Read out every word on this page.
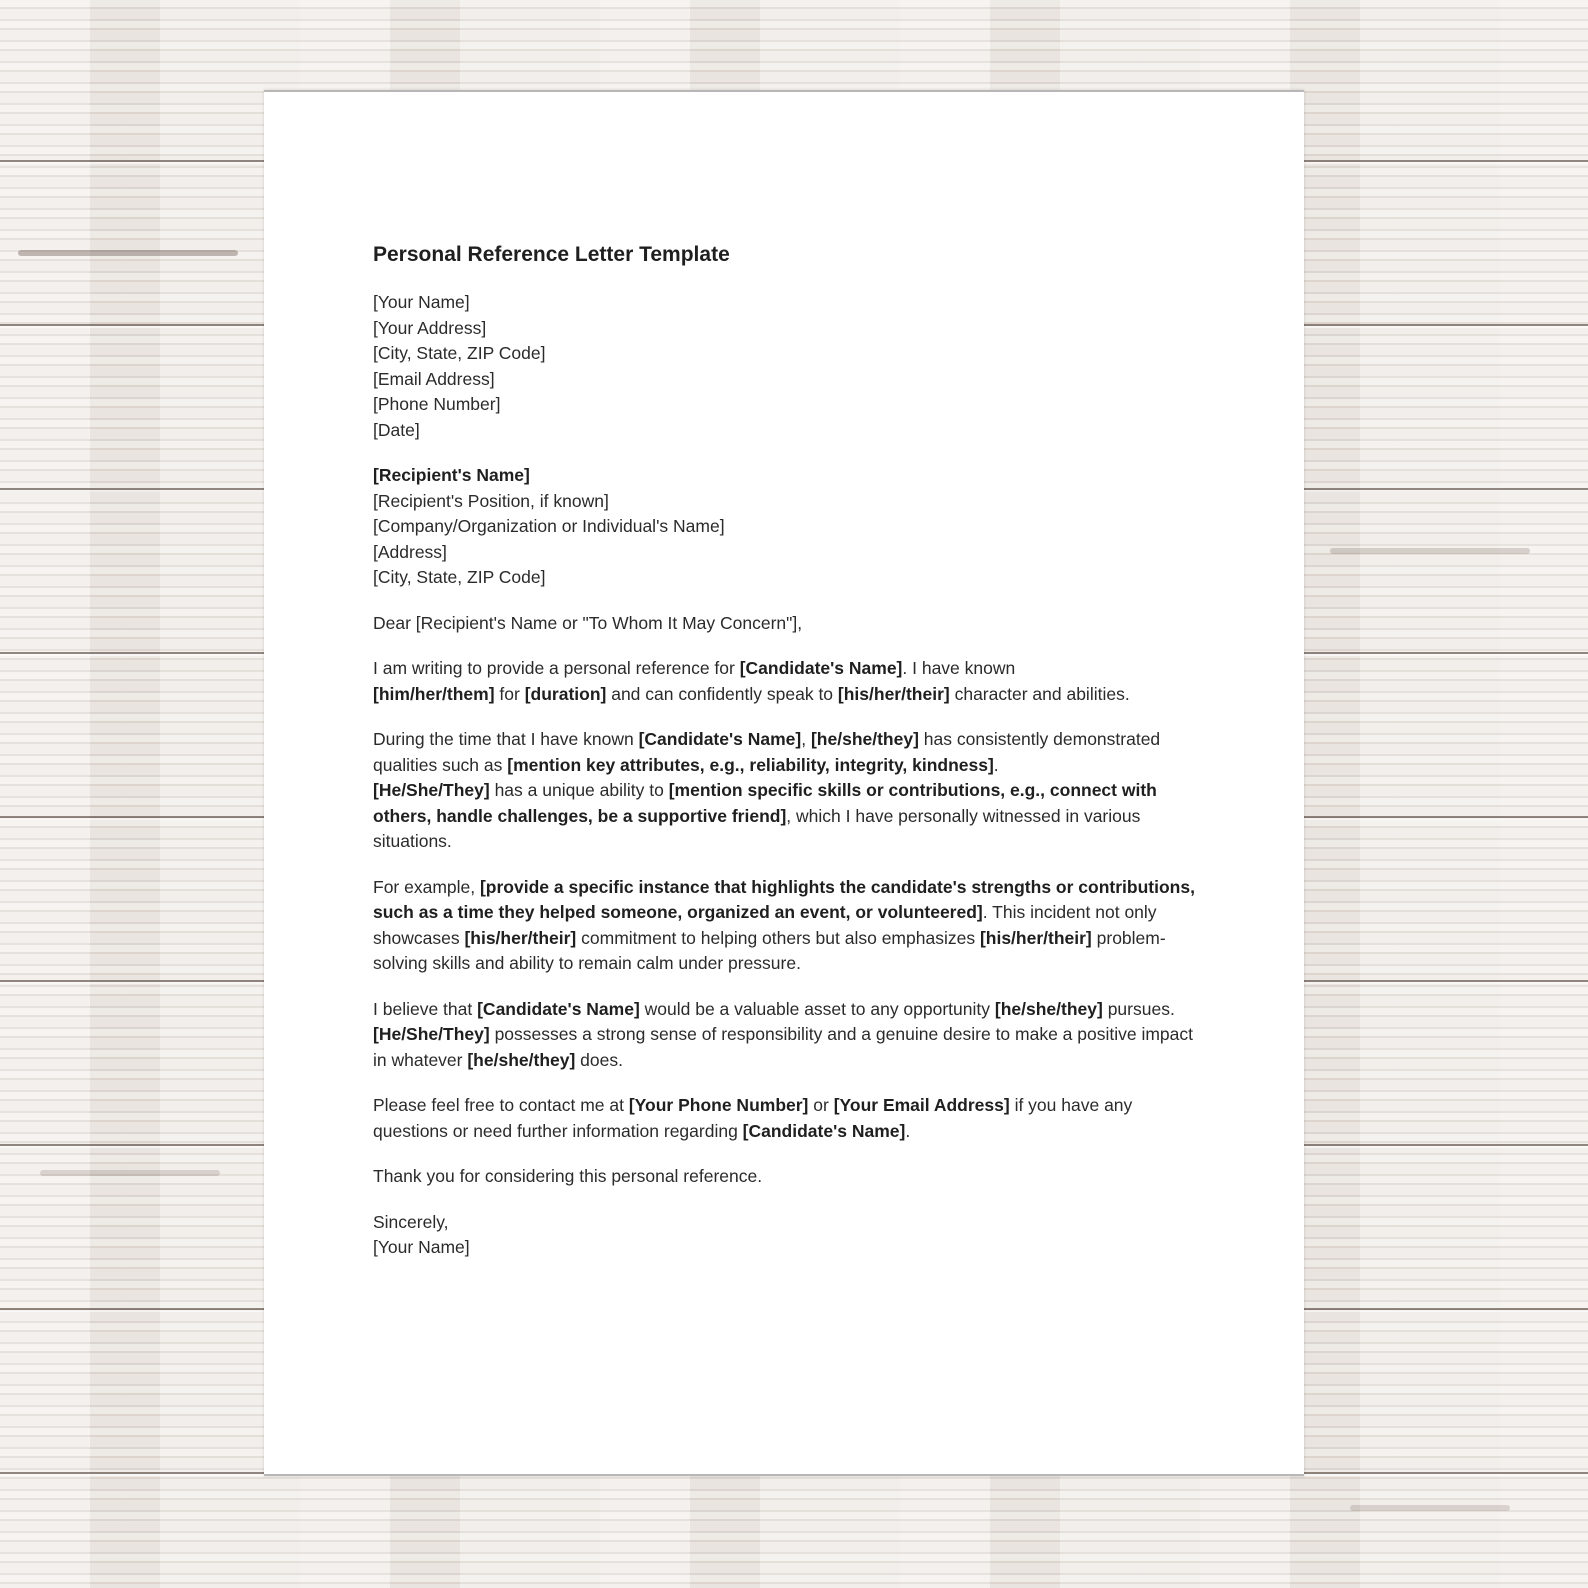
Personal Reference Letter Template
[Your Name]
[Your Address]
[City, State, ZIP Code]
[Email Address]
[Phone Number]
[Date]
[Recipient's Name]
[Recipient's Position, if known]
[Company/Organization or Individual's Name]
[Address]
[City, State, ZIP Code]

Dear [Recipient's Name or "To Whom It May Concern"],

I am writing to provide a personal reference for [Candidate's Name]. I have known
[him/her/them] for [duration] and can confidently speak to [his/her/their] character and abilities.

During the time that I have known [Candidate's Name], [he/she/they] has consistently demonstrated qualities such as [mention key attributes, e.g., reliability, integrity, kindness].
[He/She/They] has a unique ability to [mention specific skills or contributions, e.g., connect with others, handle challenges, be a supportive friend], which I have personally witnessed in various situations.

For example, [provide a specific instance that highlights the candidate's strengths or contributions, such as a time they helped someone, organized an event, or volunteered]. This incident not only showcases [his/her/their] commitment to helping others but also emphasizes [his/her/their] problem-solving skills and ability to remain calm under pressure.

I believe that [Candidate's Name] would be a valuable asset to any opportunity [he/she/they] pursues. [He/She/They] possesses a strong sense of responsibility and a genuine desire to make a positive impact in whatever [he/she/they] does.

Please feel free to contact me at [Your Phone Number] or [Your Email Address] if you have any questions or need further information regarding [Candidate's Name].

Thank you for considering this personal reference.

Sincerely,
[Your Name]
